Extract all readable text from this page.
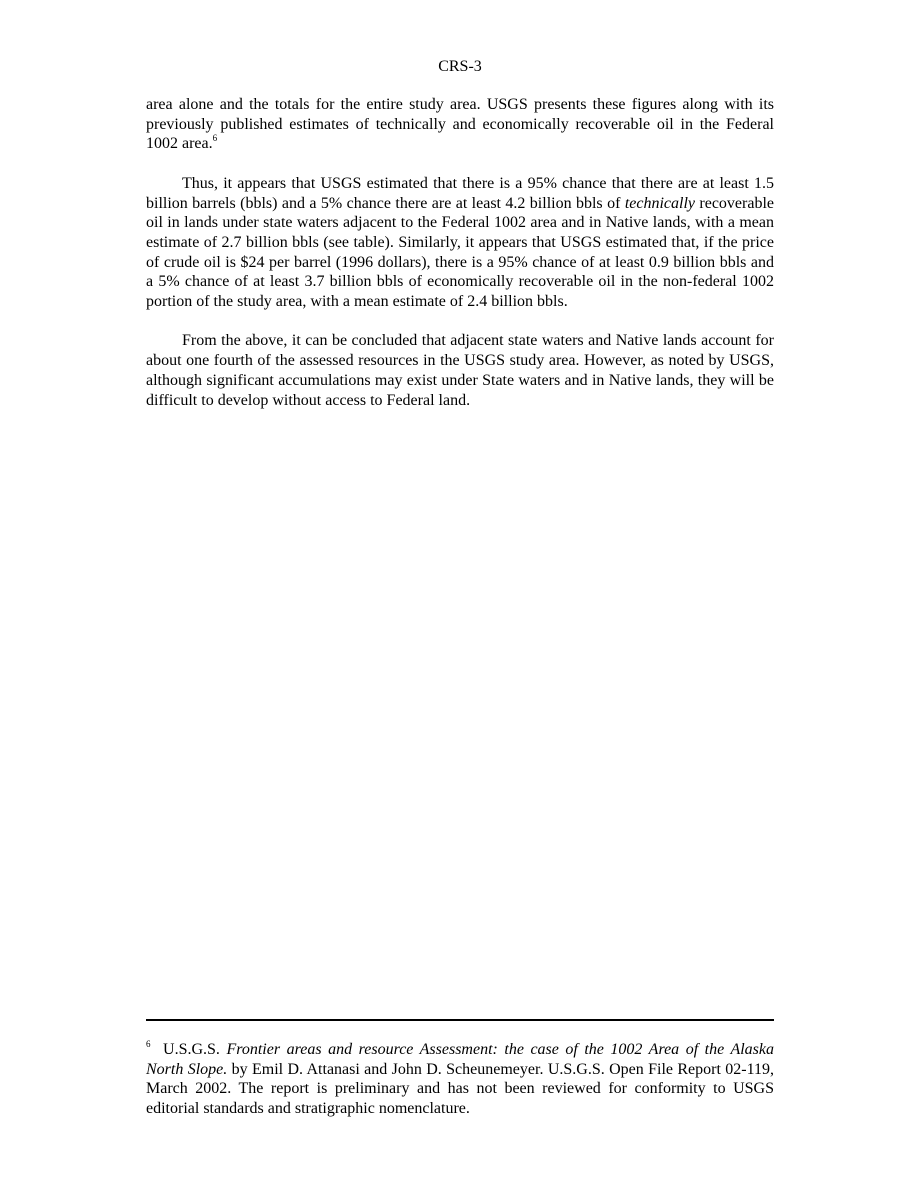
CRS-3

area alone and the totals for the entire study area. USGS presents these figures along with its previously published estimates of technically and economically recoverable oil in the Federal 1002 area.$^6$

Thus, it appears that USGS estimated that there is a 95% chance that there are at least 1.5 billion barrels (bbls) and a 5% chance there are at least 4.2 billion bbls of technically recoverable oil in lands under state waters adjacent to the Federal 1002 area and in Native lands, with a mean estimate of 2.7 billion bbls (see table). Similarly, it appears that USGS estimated that, if the price of crude oil is $24 per barrel (1996 dollars), there is a 95% chance of at least 0.9 billion bbls and a 5% chance of at least 3.7 billion bbls of economically recoverable oil in the non-federal 1002 portion of the study area, with a mean estimate of 2.4 billion bbls.

From the above, it can be concluded that adjacent state waters and Native lands account for about one fourth of the assessed resources in the USGS study area. However, as noted by USGS, although significant accumulations may exist under State waters and in Native lands, they will be difficult to develop without access to Federal land.

$^6$ U.S.G.S. Frontier areas and resource Assessment: the case of the 1002 Area of the Alaska North Slope. by Emil D. Attanasi and John D. Scheunemeyer. U.S.G.S. Open File Report 02-119, March 2002. The report is preliminary and has not been reviewed for conformity to USGS editorial standards and stratigraphic nomenclature.
